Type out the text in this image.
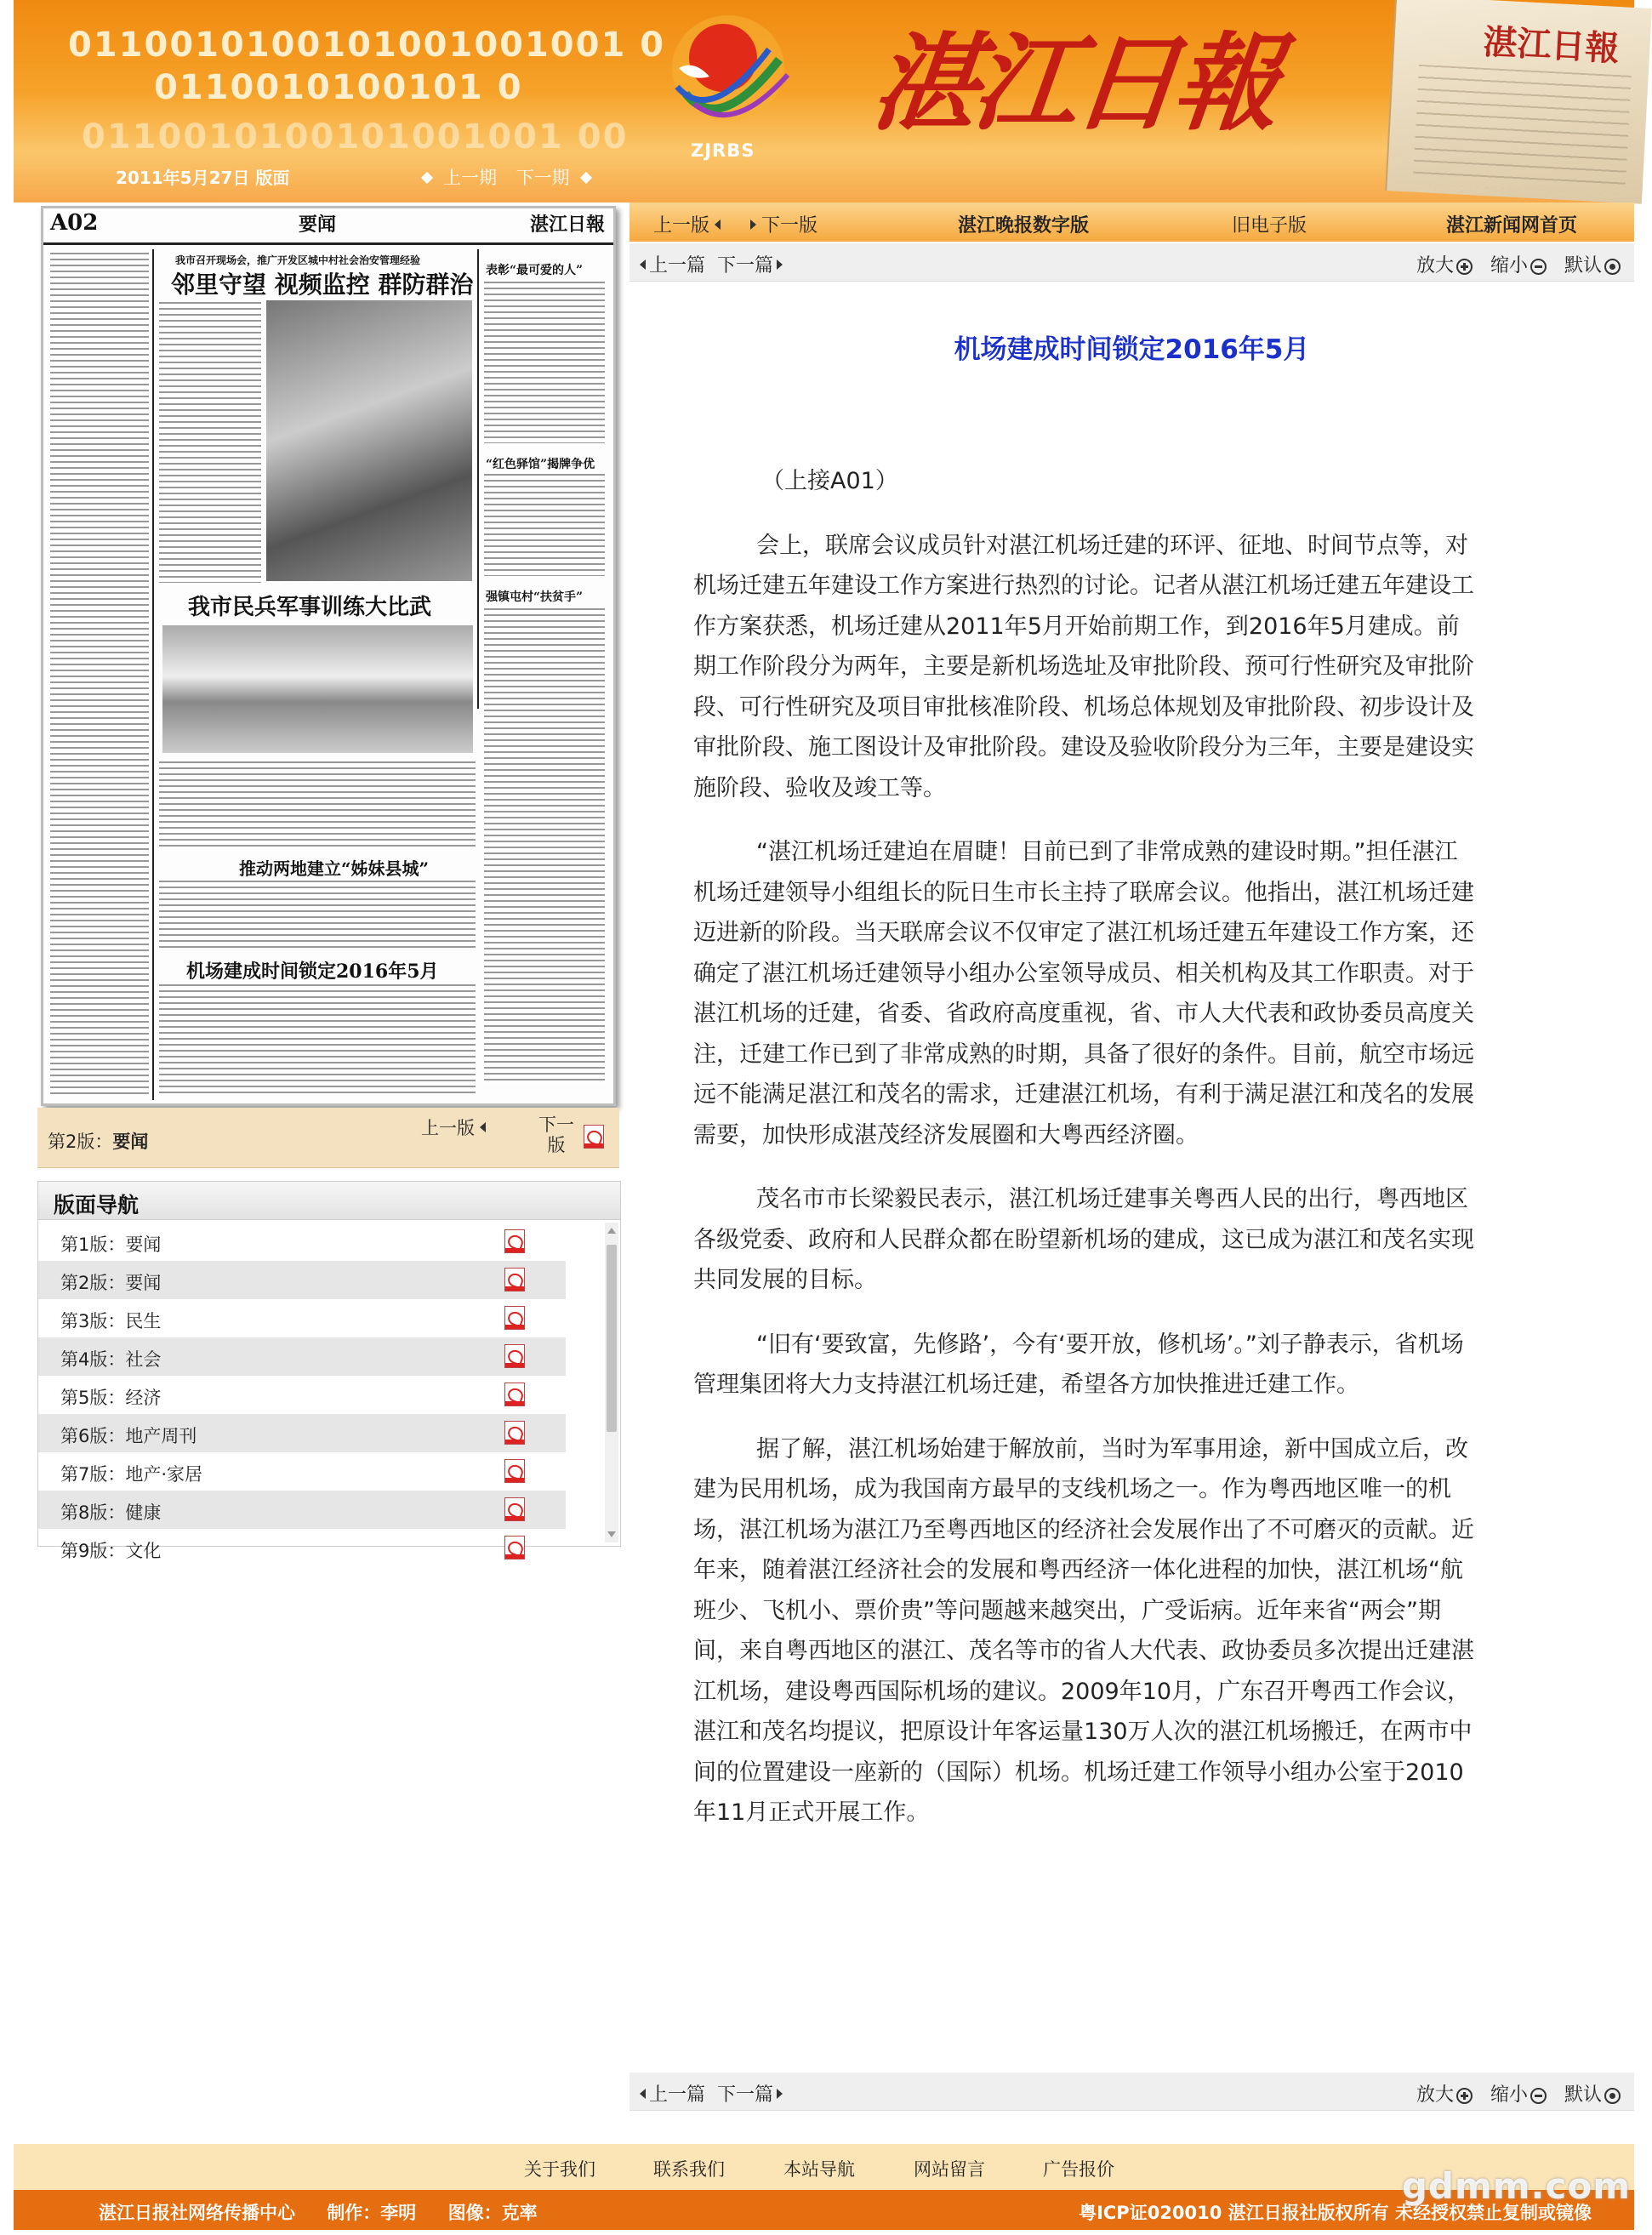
0110010100101001001001 0
0110010100101 0
0110010100101001001 00	ZJRBS
湛江日報	湛江日報
2011年5月27日 版面	上一期 下一期
A02	要闻	湛江日報
我市召开现场会，推广开发区城中村社会治安管理经验
邻里守望 视频监控 群防群治 表彰“最可爱的人”
“红色驿馆”揭牌争优
强镇屯村“扶贫手”
我市民兵军事训练大比武
推动两地建立“姊妹县城”
机场建成时间锁定2016年5月
第2版：要闻
上一版	下一版
版面导航
第1版：要闻
第2版：要闻
第3版：民生
第4版：社会
第5版：经济
第6版：地产周刊
第7版：地产·家居
第8版：健康
第9版：文化
上一版	下一版	湛江晚报数字版	旧电子版	湛江新闻网首页
上一篇 下一篇	放大 缩小 默认
机场建成时间锁定2016年5月

（上接A01）

会上，联席会议成员针对湛江机场迁建的环评、征地、时间节点等，对机场迁建五年建设工作方案进行热烈的讨论。记者从湛江机场迁建五年建设工作方案获悉，机场迁建从2011年5月开始前期工作，到2016年5月建成。前期工作阶段分为两年，主要是新机场选址及审批阶段、预可行性研究及审批阶段、可行性研究及项目审批核准阶段、机场总体规划及审批阶段、初步设计及审批阶段、施工图设计及审批阶段。建设及验收阶段分为三年，主要是建设实施阶段、验收及竣工等。

“湛江机场迁建迫在眉睫！目前已到了非常成熟的建设时期。”担任湛江机场迁建领导小组组长的阮日生市长主持了联席会议。他指出，湛江机场迁建迈进新的阶段。当天联席会议不仅审定了湛江机场迁建五年建设工作方案，还确定了湛江机场迁建领导小组办公室领导成员、相关机构及其工作职责。对于湛江机场的迁建，省委、省政府高度重视，省、市人大代表和政协委员高度关注，迁建工作已到了非常成熟的时期，具备了很好的条件。目前，航空市场远远不能满足湛江和茂名的需求，迁建湛江机场，有利于满足湛江和茂名的发展需要，加快形成湛茂经济发展圈和大粤西经济圈。

茂名市市长梁毅民表示，湛江机场迁建事关粤西人民的出行，粤西地区各级党委、政府和人民群众都在盼望新机场的建成，这已成为湛江和茂名实现共同发展的目标。

“旧有‘要致富，先修路’，今有‘要开放，修机场’。”刘子静表示，省机场管理集团将大力支持湛江机场迁建，希望各方加快推进迁建工作。

据了解，湛江机场始建于解放前，当时为军事用途，新中国成立后，改建为民用机场，成为我国南方最早的支线机场之一。作为粤西地区唯一的机场，湛江机场为湛江乃至粤西地区的经济社会发展作出了不可磨灭的贡献。近年来，随着湛江经济社会的发展和粤西经济一体化进程的加快，湛江机场“航班少、飞机小、票价贵”等问题越来越突出，广受诟病。近年来省“两会”期间，来自粤西地区的湛江、茂名等市的省人大代表、政协委员多次提出迁建湛江机场，建设粤西国际机场的建议。2009年10月，广东召开粤西工作会议，湛江和茂名均提议，把原设计年客运量130万人次的湛江机场搬迁，在两市中间的位置建设一座新的（国际）机场。机场迁建工作领导小组办公室于2010年11月正式开展工作。

上一篇 下一篇	放大 缩小 默认
关于我们	联系我们	本站导航	网站留言	广告报价
湛江日报社网络传播中心 制作：李明 图像：克率	粤ICP证020010 湛江日报社版权所有 未经授权禁止复制或镜像
gdmm.com
